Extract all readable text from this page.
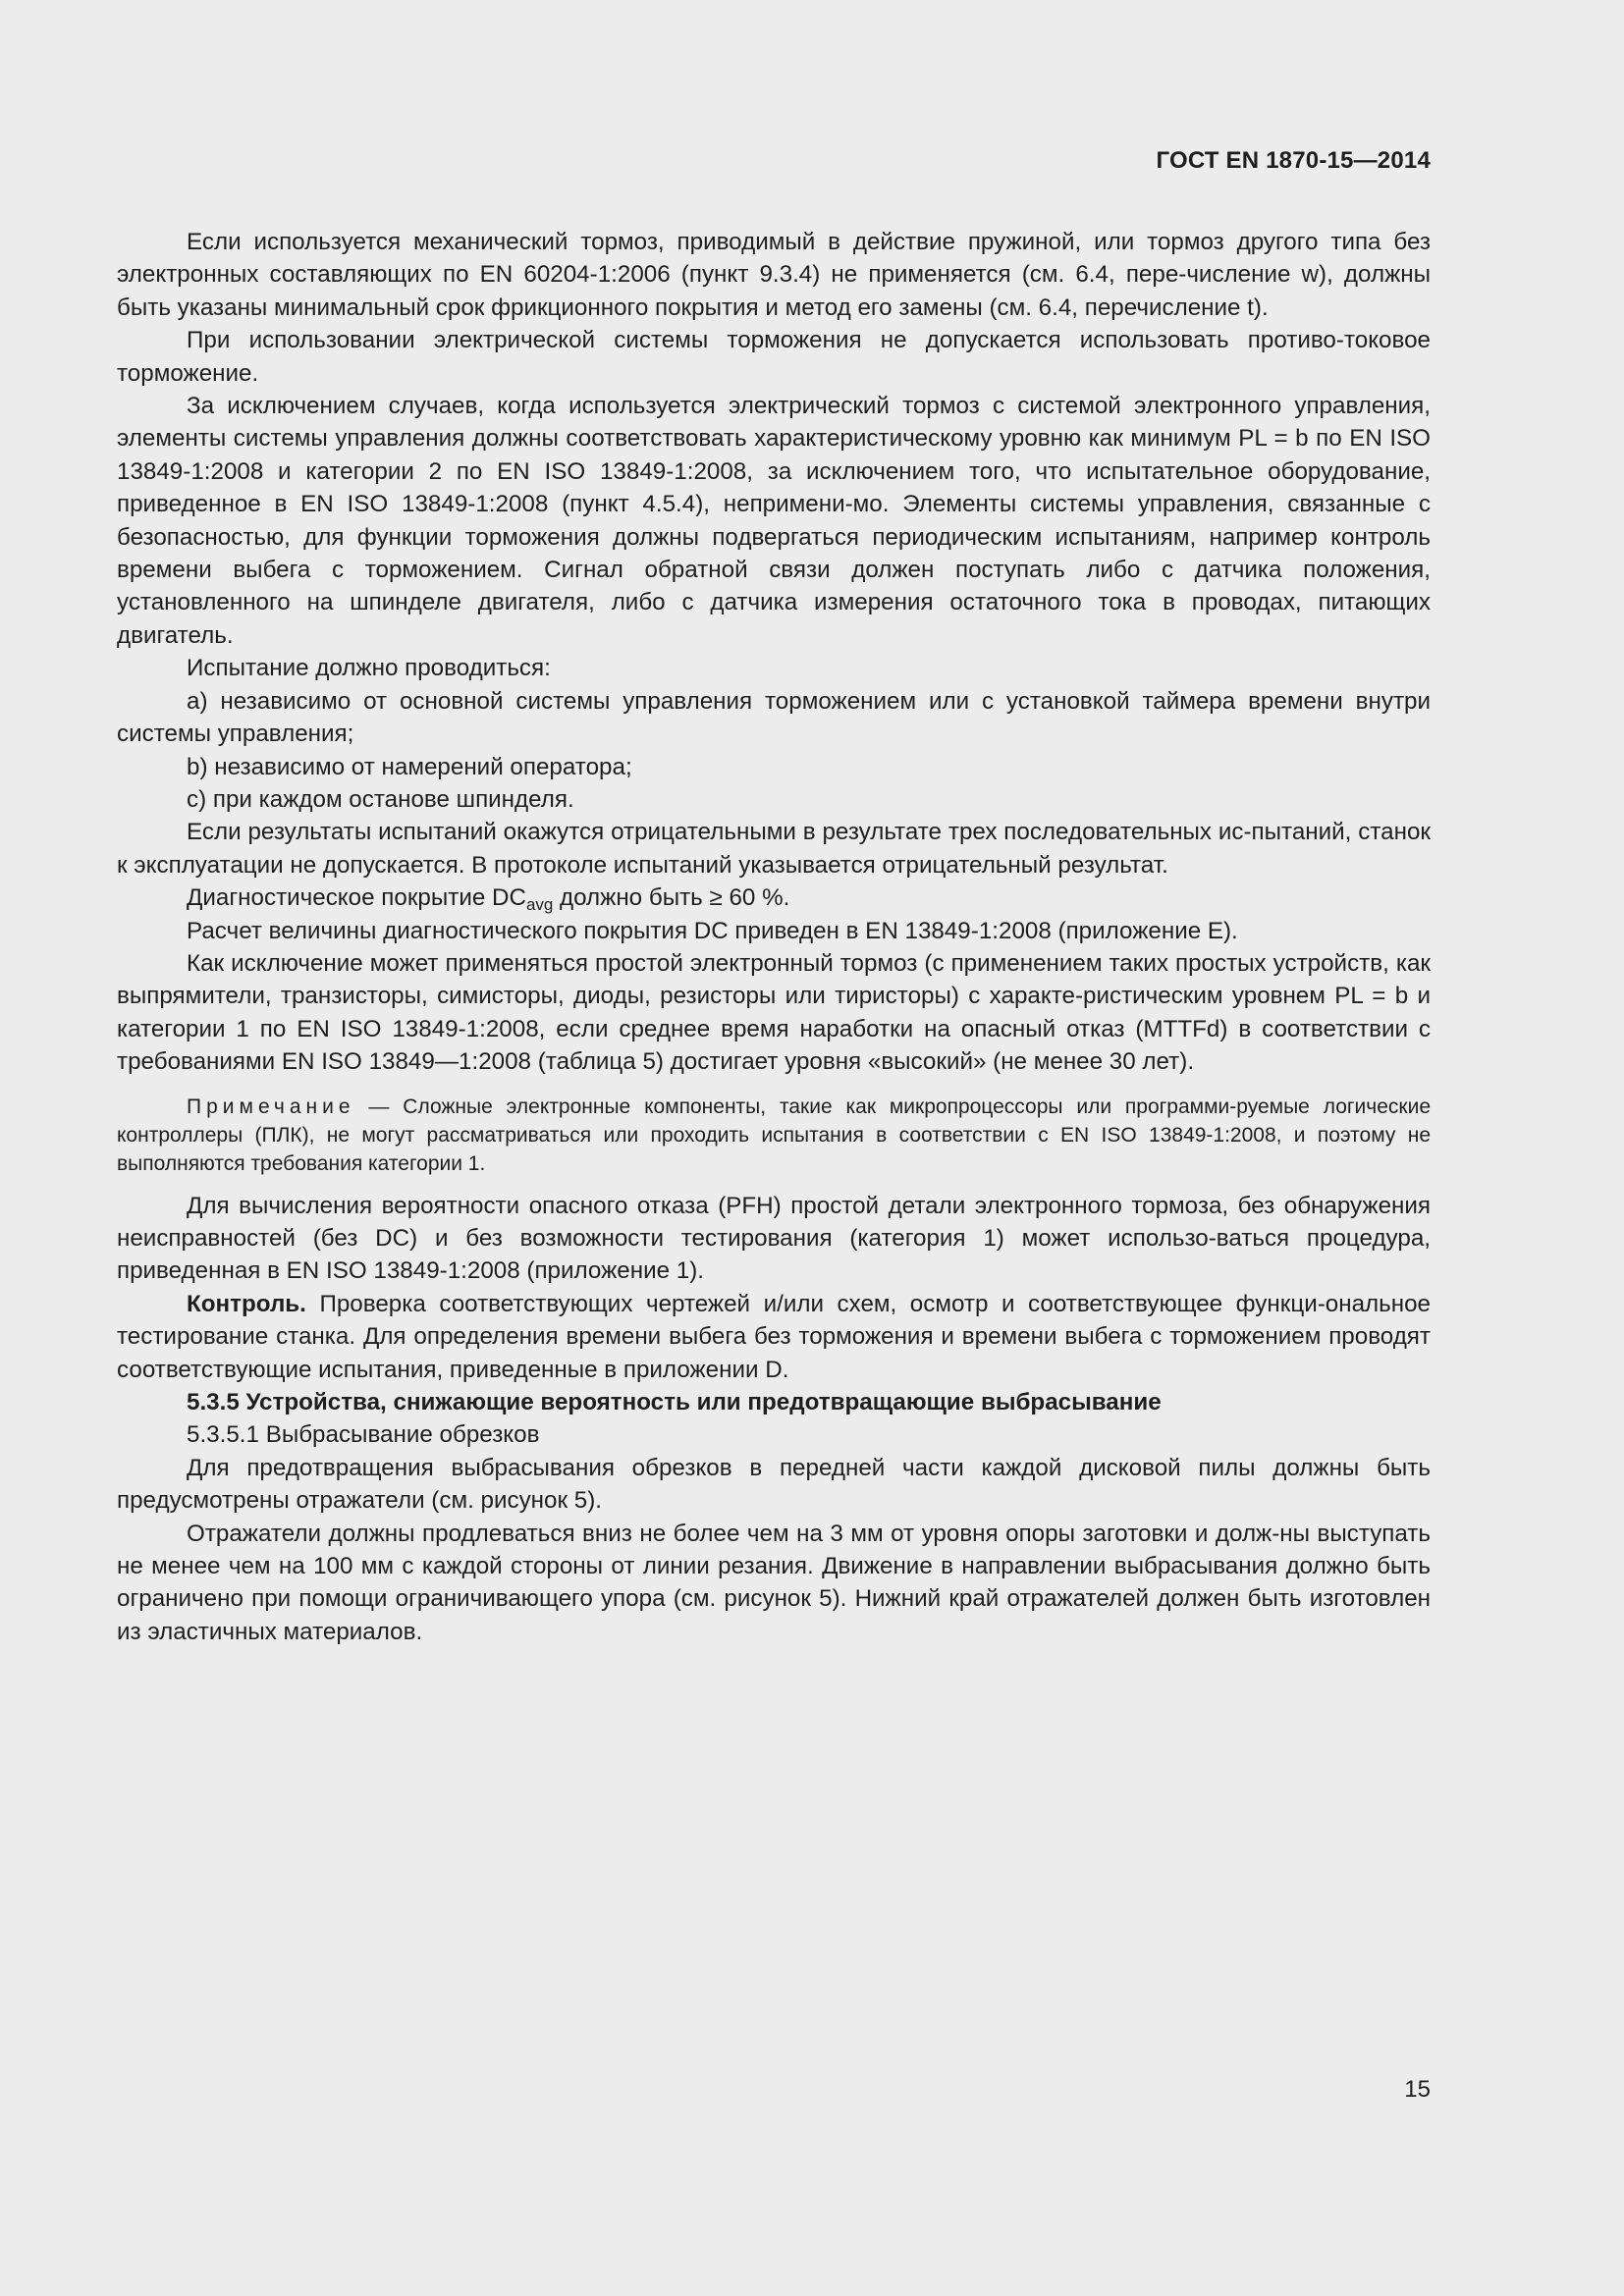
ГОСТ EN 1870-15—2014

Если используется механический тормоз, приводимый в действие пружиной, или тормоз другого типа без электронных составляющих по EN 60204-1:2006 (пункт 9.3.4) не применяется (см. 6.4, пере-числение w), должны быть указаны минимальный срок фрикционного покрытия и метод его замены (см. 6.4, перечисление t).

При использовании электрической системы торможения не допускается использовать противо-токовое торможение.

За исключением случаев, когда используется электрический тормоз с системой электронного управления, элементы системы управления должны соответствовать характеристическому уровню как минимум PL = b по EN ISO 13849-1:2008 и категории 2 по EN ISO 13849-1:2008, за исключением того, что испытательное оборудование, приведенное в EN ISO 13849-1:2008 (пункт 4.5.4), непримени-мо. Элементы системы управления, связанные с безопасностью, для функции торможения должны подвергаться периодическим испытаниям, например контроль времени выбега с торможением. Сигнал обратной связи должен поступать либо с датчика положения, установленного на шпинделе двигателя, либо с датчика измерения остаточного тока в проводах, питающих двигатель.

Испытание должно проводиться:

a) независимо от основной системы управления торможением или с установкой таймера времени внутри системы управления;

b) независимо от намерений оператора;

c) при каждом останове шпинделя.

Если результаты испытаний окажутся отрицательными в результате трех последовательных ис-пытаний, станок к эксплуатации не допускается. В протоколе испытаний указывается отрицательный результат.

Диагностическое покрытие $DC_{avg}$ должно быть ≥ 60 %.

Расчет величины диагностического покрытия DC приведен в EN 13849-1:2008 (приложение E).

Как исключение может применяться простой электронный тормоз (с применением таких простых устройств, как выпрямители, транзисторы, симисторы, диоды, резисторы или тиристоры) с характе-ристическим уровнем PL = b и категории 1 по EN ISO 13849-1:2008, если среднее время наработки на опасный отказ (MTTFd) в соответствии с требованиями EN ISO 13849—1:2008 (таблица 5) достигает уровня «высокий» (не менее 30 лет).

Примечание — Сложные электронные компоненты, такие как микропроцессоры или программи-руемые логические контроллеры (ПЛК), не могут рассматриваться или проходить испытания в соответствии с EN ISO 13849-1:2008, и поэтому не выполняются требования категории 1.

Для вычисления вероятности опасного отказа (PFH) простой детали электронного тормоза, без обнаружения неисправностей (без DC) и без возможности тестирования (категория 1) может использо-ваться процедура, приведенная в EN ISO 13849-1:2008 (приложение 1).

Контроль. Проверка соответствующих чертежей и/или схем, осмотр и соответствующее функци-ональное тестирование станка. Для определения времени выбега без торможения и времени выбега с торможением проводят соответствующие испытания, приведенные в приложении D.

5.3.5 Устройства, снижающие вероятность или предотвращающие выбрасывание

5.3.5.1 Выбрасывание обрезков

Для предотвращения выбрасывания обрезков в передней части каждой дисковой пилы должны быть предусмотрены отражатели (см. рисунок 5).

Отражатели должны продлеваться вниз не более чем на 3 мм от уровня опоры заготовки и долж-ны выступать не менее чем на 100 мм с каждой стороны от линии резания. Движение в направлении выбрасывания должно быть ограничено при помощи ограничивающего упора (см. рисунок 5). Нижний край отражателей должен быть изготовлен из эластичных материалов.

15
